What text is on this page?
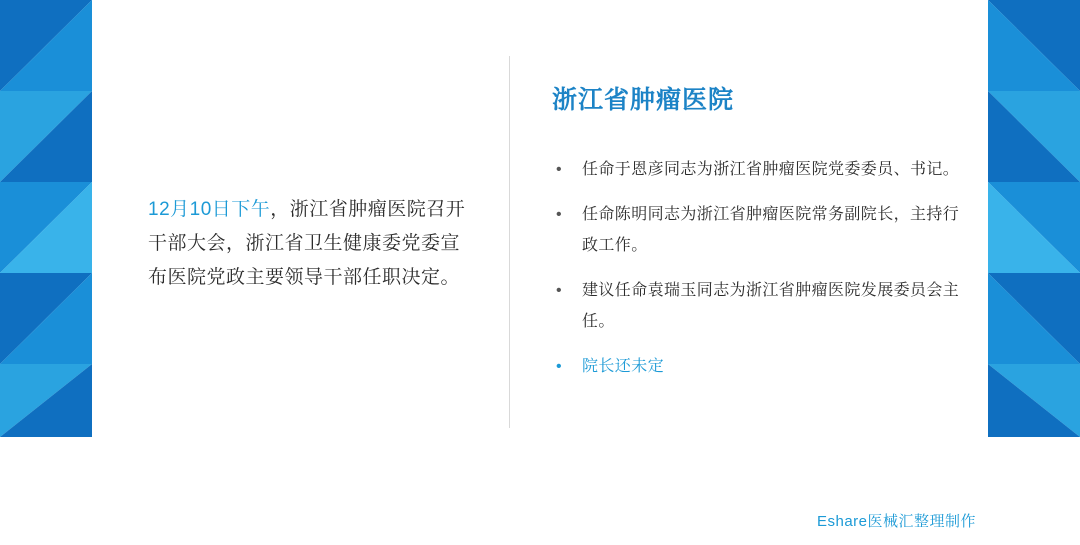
12月10日下午，浙江省肿瘤医院召开干部大会，浙江省卫生健康委党委宣布医院党政主要领导干部任职决定。
浙江省肿瘤医院
• 任命于恩彦同志为浙江省肿瘤医院党委委员、书记。
• 任命陈明同志为浙江省肿瘤医院常务副院长，主持行政工作。
• 建议任命袁瑞玉同志为浙江省肿瘤医院发展委员会主任。
• 院长还未定
Eshare医械汇整理制作
